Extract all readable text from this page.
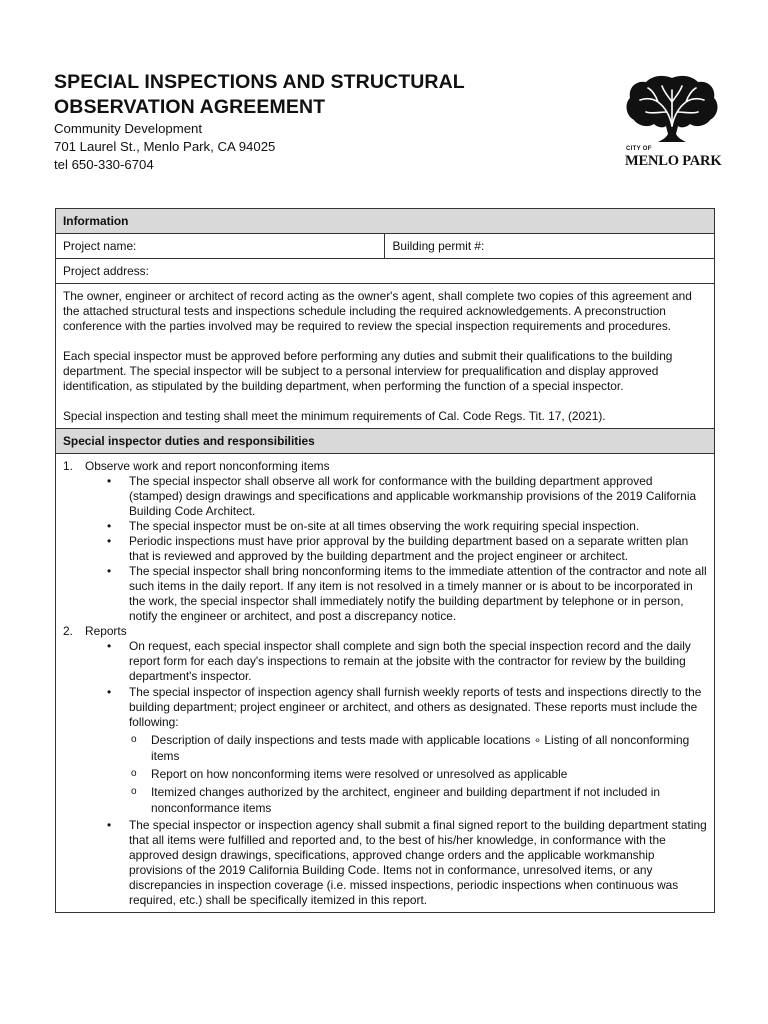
SPECIAL INSPECTIONS AND STRUCTURAL
OBSERVATION AGREEMENT
Community Development
701 Laurel St., Menlo Park, CA 94025
tel 650-330-6704
CITY OF
MENLO PARK
Information
Project name:	Building permit #:
Project address:

The owner, engineer or architect of record acting as the owner's agent, shall complete two copies of this agreement and the attached structural tests and inspections schedule including the required acknowledgements. A preconstruction conference with the parties involved may be required to review the special inspection requirements and procedures.

Each special inspector must be approved before performing any duties and submit their qualifications to the building department. The special inspector will be subject to a personal interview for prequalification and display approved identification, as stipulated by the building department, when performing the function of a special inspector.

Special inspection and testing shall meet the minimum requirements of Cal. Code Regs. Tit. 17, (2021).

Special inspector duties and responsibilities

1. Observe work and report nonconforming items
• The special inspector shall observe all work for conformance with the building department approved (stamped) design drawings and specifications and applicable workmanship provisions of the 2019 California Building Code Architect.
• The special inspector must be on-site at all times observing the work requiring special inspection.
• Periodic inspections must have prior approval by the building department based on a separate written plan that is reviewed and approved by the building department and the project engineer or architect.
• The special inspector shall bring nonconforming items to the immediate attention of the contractor and note all such items in the daily report. If any item is not resolved in a timely manner or is about to be incorporated in the work, the special inspector shall immediately notify the building department by telephone or in person, notify the engineer or architect, and post a discrepancy notice.
2. Reports
• On request, each special inspector shall complete and sign both the special inspection record and the daily report form for each day's inspections to remain at the jobsite with the contractor for review by the building department's inspector.
• The special inspector of inspection agency shall furnish weekly reports of tests and inspections directly to the building department; project engineer or architect, and others as designated. These reports must include the following:
o Description of daily inspections and tests made with applicable locations ∘ Listing of all nonconforming items
o Report on how nonconforming items were resolved or unresolved as applicable
o Itemized changes authorized by the architect, engineer and building department if not included in nonconformance items
• The special inspector or inspection agency shall submit a final signed report to the building department stating that all items were fulfilled and reported and, to the best of his/her knowledge, in conformance with the approved design drawings, specifications, approved change orders and the applicable workmanship provisions of the 2019 California Building Code. Items not in conformance, unresolved items, or any discrepancies in inspection coverage (i.e. missed inspections, periodic inspections when continuous was required, etc.) shall be specifically itemized in this report.
